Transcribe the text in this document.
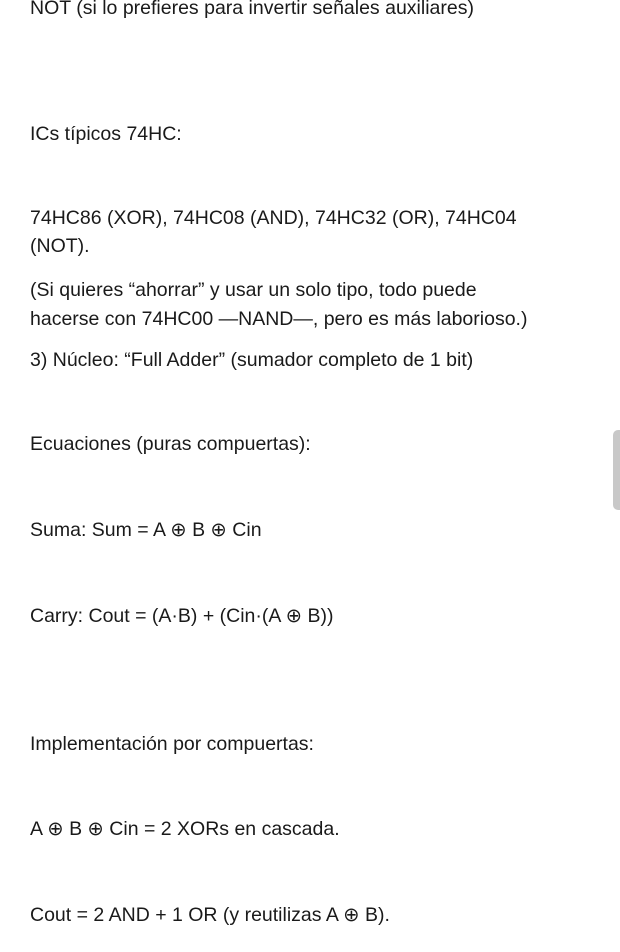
NOT (si lo prefieres para invertir señales auxiliares)

ICs típicos 74HC:

74HC86 (XOR), 74HC08 (AND), 74HC32 (OR), 74HC04

(NOT).

(Si quieres “ahorrar” y usar un solo tipo, todo puede

hacerse con 74HC00 —NAND—, pero es más laborioso.)

3) Núcleo: “Full Adder” (sumador completo de 1 bit)

Ecuaciones (puras compuertas):

Suma: Sum = A ⊕ B ⊕ Cin

Carry: Cout = (A·B) + (Cin·(A ⊕ B))

Implementación por compuertas:

A ⊕ B ⊕ Cin = 2 XORs en cascada.

Cout = 2 AND + 1 OR (y reutilizas A ⊕ B).
